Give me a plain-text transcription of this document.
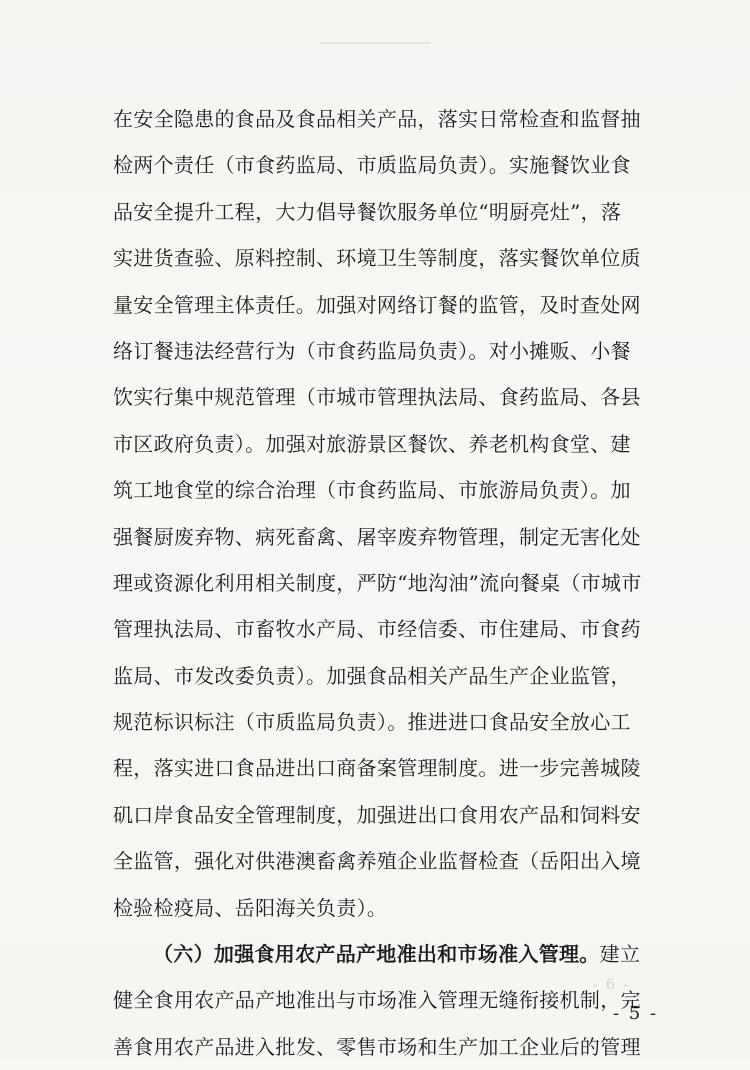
在安全隐患的食品及食品相关产品，落实日常检查和监督抽
检两个责任（市食药监局、市质监局负责）。实施餐饮业食
品安全提升工程，大力倡导餐饮服务单位“明厨亮灶”，落
实进货查验、原料控制、环境卫生等制度，落实餐饮单位质
量安全管理主体责任。加强对网络订餐的监管，及时查处网
络订餐违法经营行为（市食药监局负责）。对小摊贩、小餐
饮实行集中规范管理（市城市管理执法局、食药监局、各县
市区政府负责）。加强对旅游景区餐饮、养老机构食堂、建
筑工地食堂的综合治理（市食药监局、市旅游局负责）。加
强餐厨废弃物、病死畜禽、屠宰废弃物管理，制定无害化处
理或资源化利用相关制度，严防“地沟油”流向餐桌（市城市
管理执法局、市畜牧水产局、市经信委、市住建局、市食药
监局、市发改委负责）。加强食品相关产品生产企业监管，
规范标识标注（市质监局负责）。推进进口食品安全放心工
程，落实进口食品进出口商备案管理制度。进一步完善城陵
矶口岸食品安全管理制度，加强进出口食用农产品和饲料安
全监管，强化对供港澳畜禽养殖企业监督检查（岳阳出入境
检验检疫局、岳阳海关负责）。
（六）加强食用农产品产地准出和市场准入管理。建立
健全食用农产品产地准出与市场准入管理无缝衔接机制，完
善食用农产品进入批发、零售市场和生产加工企业后的管理
- 6 -
- 5 -
